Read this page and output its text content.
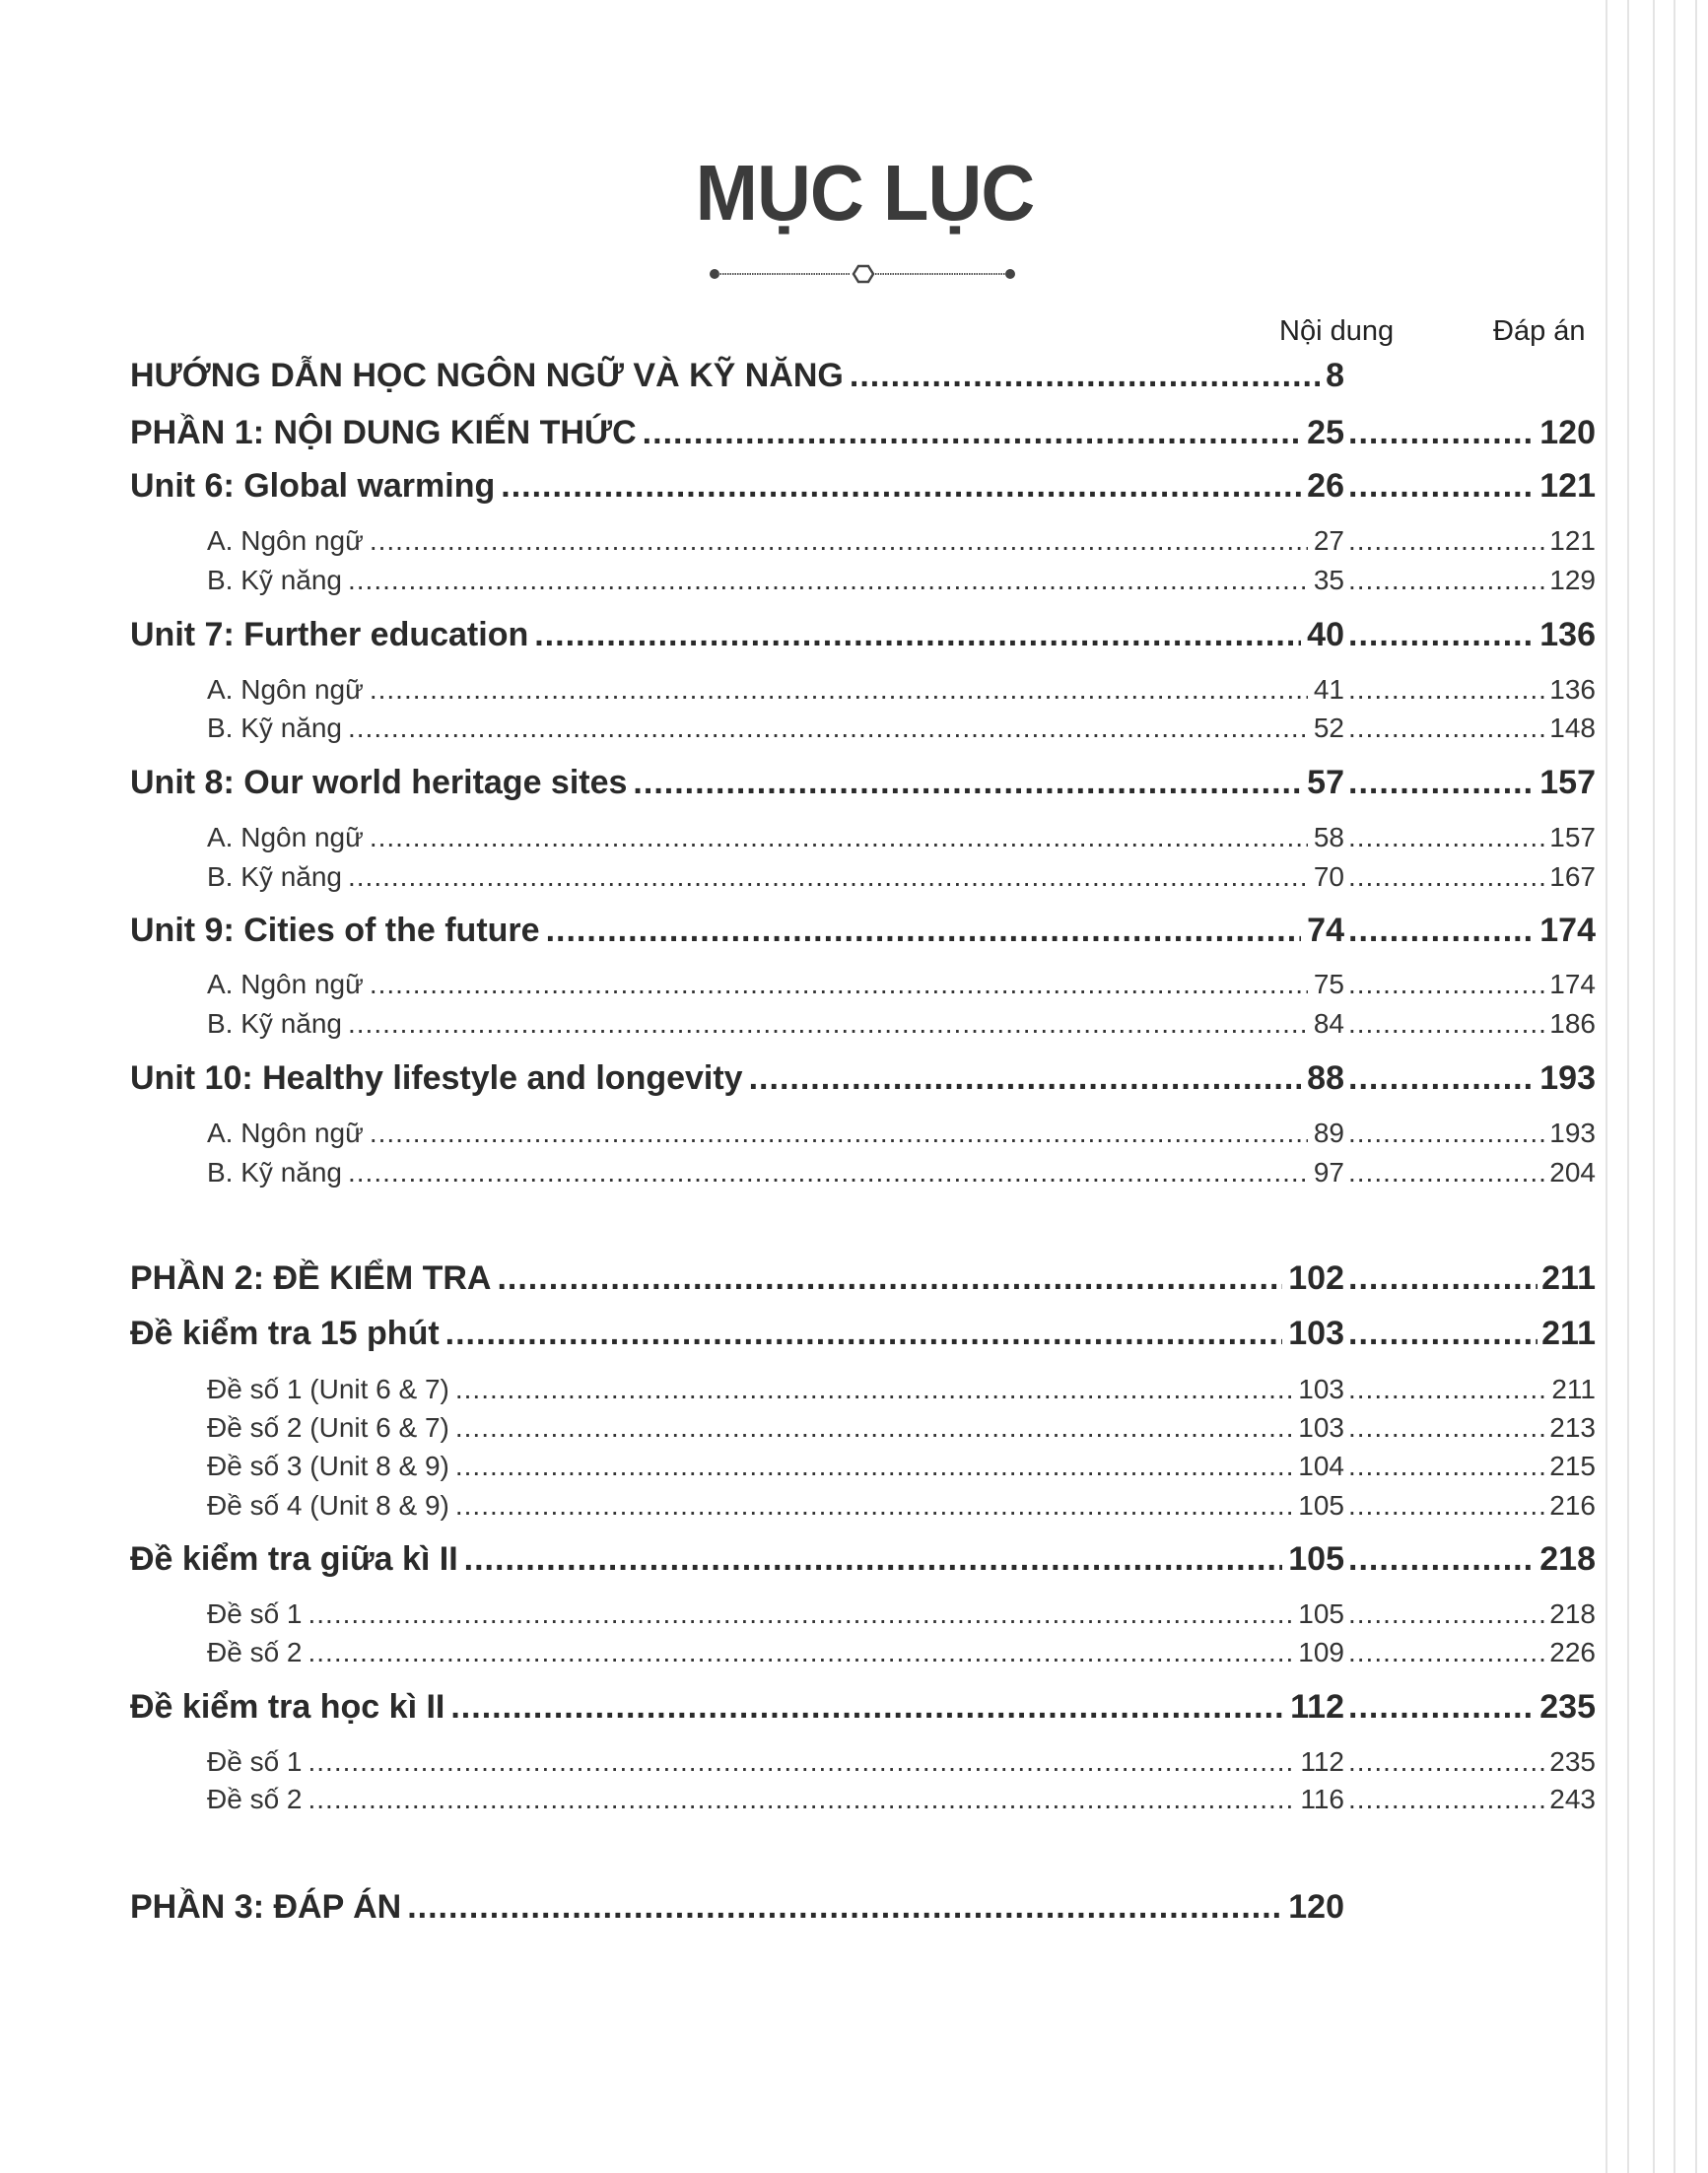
MỤC LỤC
Nội dung	Đáp án
HƯỚNG DẪN HỌC NGÔN NGỮ VÀ KỸ NĂNG .....	8
PHẦN 1: NỘI DUNG KIẾN THỨC .....	25 .....	120
Unit 6: Global warming .....	26 .....	121
A. Ngôn ngữ .....	27 .....	121
B. Kỹ năng .....	35 .....	129
Unit 7: Further education .....	40 .....	136
A. Ngôn ngữ .....	41 .....	136
B. Kỹ năng .....	52 .....	148
Unit 8: Our world heritage sites .....	57 .....	157
A. Ngôn ngữ .....	58 .....	157
B. Kỹ năng .....	70 .....	167
Unit 9: Cities of the future .....	74 .....	174
A. Ngôn ngữ .....	75 .....	174
B. Kỹ năng .....	84 .....	186
Unit 10: Healthy lifestyle and longevity .....	88 .....	193
A. Ngôn ngữ .....	89 .....	193
B. Kỹ năng .....	97 .....	204
PHẦN 2: ĐỀ KIỂM TRA .....	102 .....	211
Đề kiểm tra 15 phút .....	103 .....	211
Đề số 1 (Unit 6 & 7) .....	103 .....	211
Đề số 2 (Unit 6 & 7) .....	103 .....	213
Đề số 3 (Unit 8 & 9) .....	104 .....	215
Đề số 4 (Unit 8 & 9) .....	105 .....	216
Đề kiểm tra giữa kì II .....	105 .....	218
Đề số 1 .....	105 .....	218
Đề số 2 .....	109 .....	226
Đề kiểm tra học kì II .....	112 .....	235
Đề số 1 .....	112 .....	235
Đề số 2 .....	116 .....	243
PHẦN 3: ĐÁP ÁN .....	120
